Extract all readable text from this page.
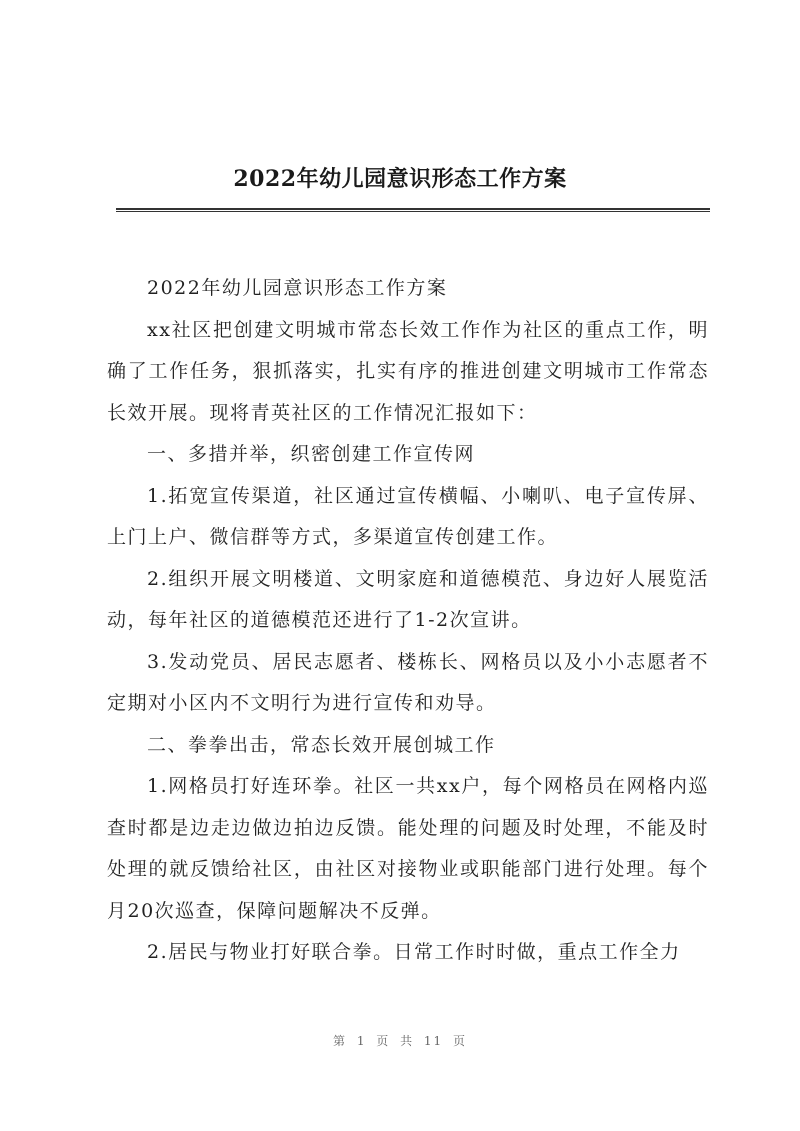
2022年幼儿园意识形态工作方案

2022年幼儿园意识形态工作方案

xx社区把创建文明城市常态长效工作作为社区的重点工作，明确了工作任务，狠抓落实，扎实有序的推进创建文明城市工作常态长效开展。现将青英社区的工作情况汇报如下：

一、多措并举，织密创建工作宣传网

1.拓宽宣传渠道，社区通过宣传横幅、小喇叭、电子宣传屏、上门上户、微信群等方式，多渠道宣传创建工作。

2.组织开展文明楼道、文明家庭和道德模范、身边好人展览活动，每年社区的道德模范还进行了1-2次宣讲。

3.发动党员、居民志愿者、楼栋长、网格员以及小小志愿者不定期对小区内不文明行为进行宣传和劝导。

二、拳拳出击，常态长效开展创城工作

1.网格员打好连环拳。社区一共xx户，每个网格员在网格内巡查时都是边走边做边拍边反馈。能处理的问题及时处理，不能及时处理的就反馈给社区，由社区对接物业或职能部门进行处理。每个月20次巡查，保障问题解决不反弹。

2.居民与物业打好联合拳。日常工作时时做，重点工作全力

第 1 页 共 11 页
